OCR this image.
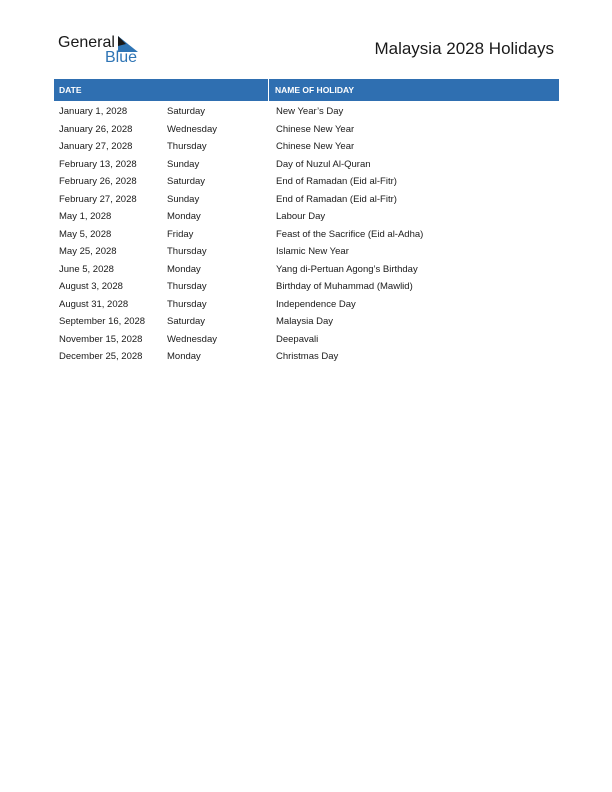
General
Blue	Malaysia 2028 Holidays
DATE	NAME OF HOLIDAY
January 1, 2028	Saturday	New Year’s Day
January 26, 2028	Wednesday	Chinese New Year
January 27, 2028	Thursday	Chinese New Year
February 13, 2028	Sunday	Day of Nuzul Al-Quran
February 26, 2028	Saturday	End of Ramadan (Eid al-Fitr)
February 27, 2028	Sunday	End of Ramadan (Eid al-Fitr)
May 1, 2028	Monday	Labour Day
May 5, 2028	Friday	Feast of the Sacrifice (Eid al-Adha)
May 25, 2028	Thursday	Islamic New Year
June 5, 2028	Monday	Yang di-Pertuan Agong’s Birthday
August 3, 2028	Thursday	Birthday of Muhammad (Mawlid)
August 31, 2028	Thursday	Independence Day
September 16, 2028	Saturday	Malaysia Day
November 15, 2028	Wednesday	Deepavali
December 25, 2028	Monday	Christmas Day
